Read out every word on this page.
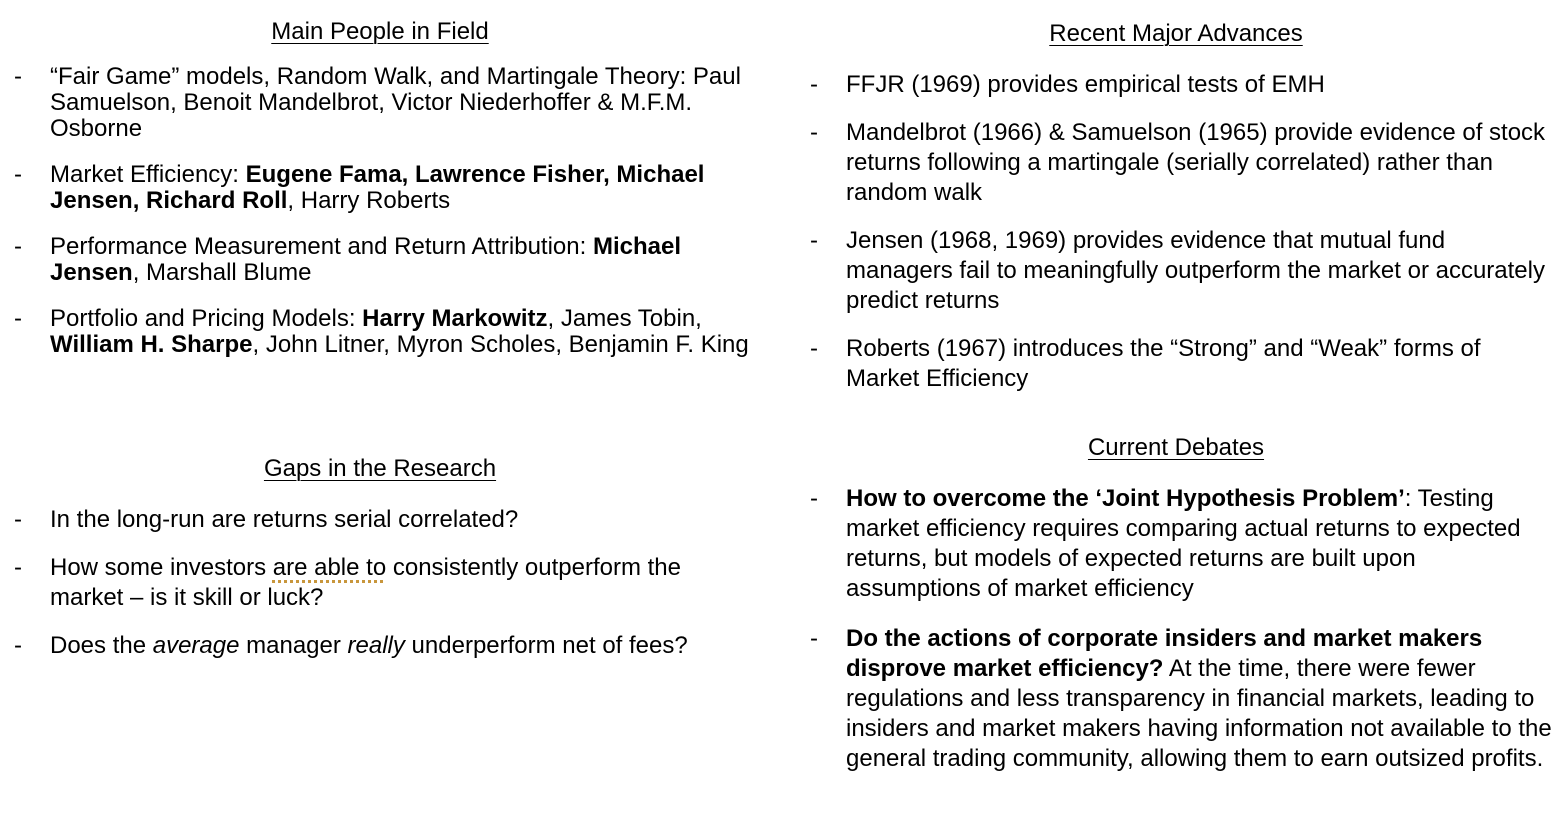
Main People in Field
- “Fair Game” models, Random Walk, and Martingale Theory: Paul Samuelson, Benoit Mandelbrot, Victor Niederhoffer & M.F.M. Osborne
- Market Efficiency: Eugene Fama, Lawrence Fisher, Michael Jensen, Richard Roll, Harry Roberts
- Performance Measurement and Return Attribution: Michael Jensen, Marshall Blume
- Portfolio and Pricing Models: Harry Markowitz, James Tobin, William H. Sharpe, John Litner, Myron Scholes, Benjamin F. King
Gaps in the Research
- In the long-run are returns serial correlated?
- How some investors are able to consistently outperform the market – is it skill or luck?
- Does the average manager really underperform net of fees?
Recent Major Advances
- FFJR (1969) provides empirical tests of EMH
- Mandelbrot (1966) & Samuelson (1965) provide evidence of stock returns following a martingale (serially correlated) rather than random walk
- Jensen (1968, 1969) provides evidence that mutual fund managers fail to meaningfully outperform the market or accurately predict returns
- Roberts (1967) introduces the “Strong” and “Weak” forms of Market Efficiency
Current Debates
- How to overcome the ‘Joint Hypothesis Problem’: Testing market efficiency requires comparing actual returns to expected returns, but models of expected returns are built upon assumptions of market efficiency
- Do the actions of corporate insiders and market makers disprove market efficiency? At the time, there were fewer regulations and less transparency in financial markets, leading to insiders and market makers having information not available to the general trading community, allowing them to earn outsized profits.
